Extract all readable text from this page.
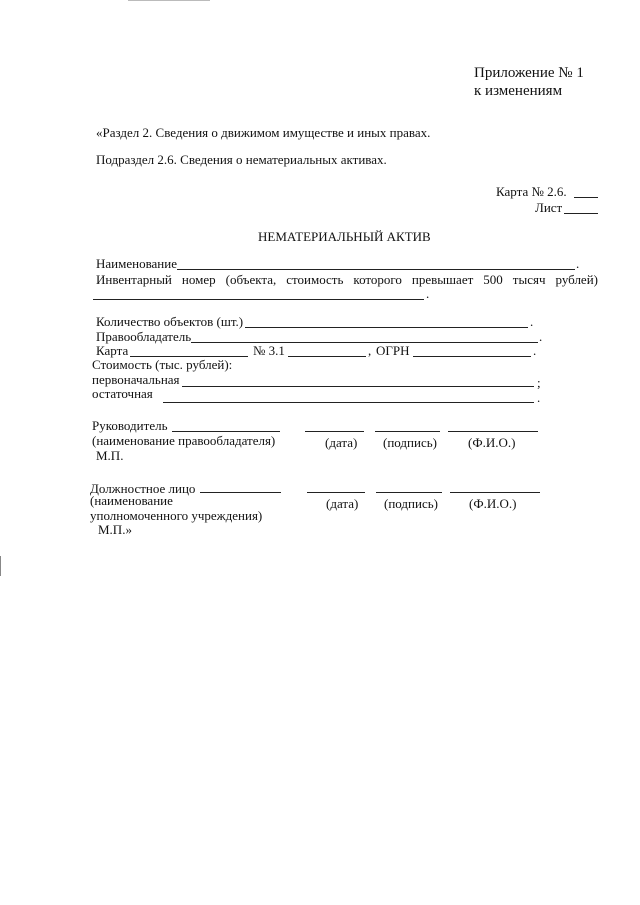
Приложение № 1
к изменениям
«Раздел 2. Сведения о движимом имуществе и иных правах.
Подраздел 2.6. Сведения о нематериальных активах.
Карта № 2.6.
Лист
НЕМАТЕРИАЛЬНЫЙ АКТИВ
Наименование	.
Инвентарный номер (объекта, стоимость которого превышает 500 тысяч рублей)
.
Количество объектов (шт.)	.
Правообладатель	.
Карта	№ 3.1	, ОГРН	.
Стоимость (тыс. рублей):
первоначальная	;
остаточная	.
Руководитель
(наименование правообладателя)	(дата) (подпись) (Ф.И.О.)
М.П.
Должностное лицо
(наименование	(дата) (подпись) (Ф.И.О.)
уполномоченного учреждения)
М.П.»
